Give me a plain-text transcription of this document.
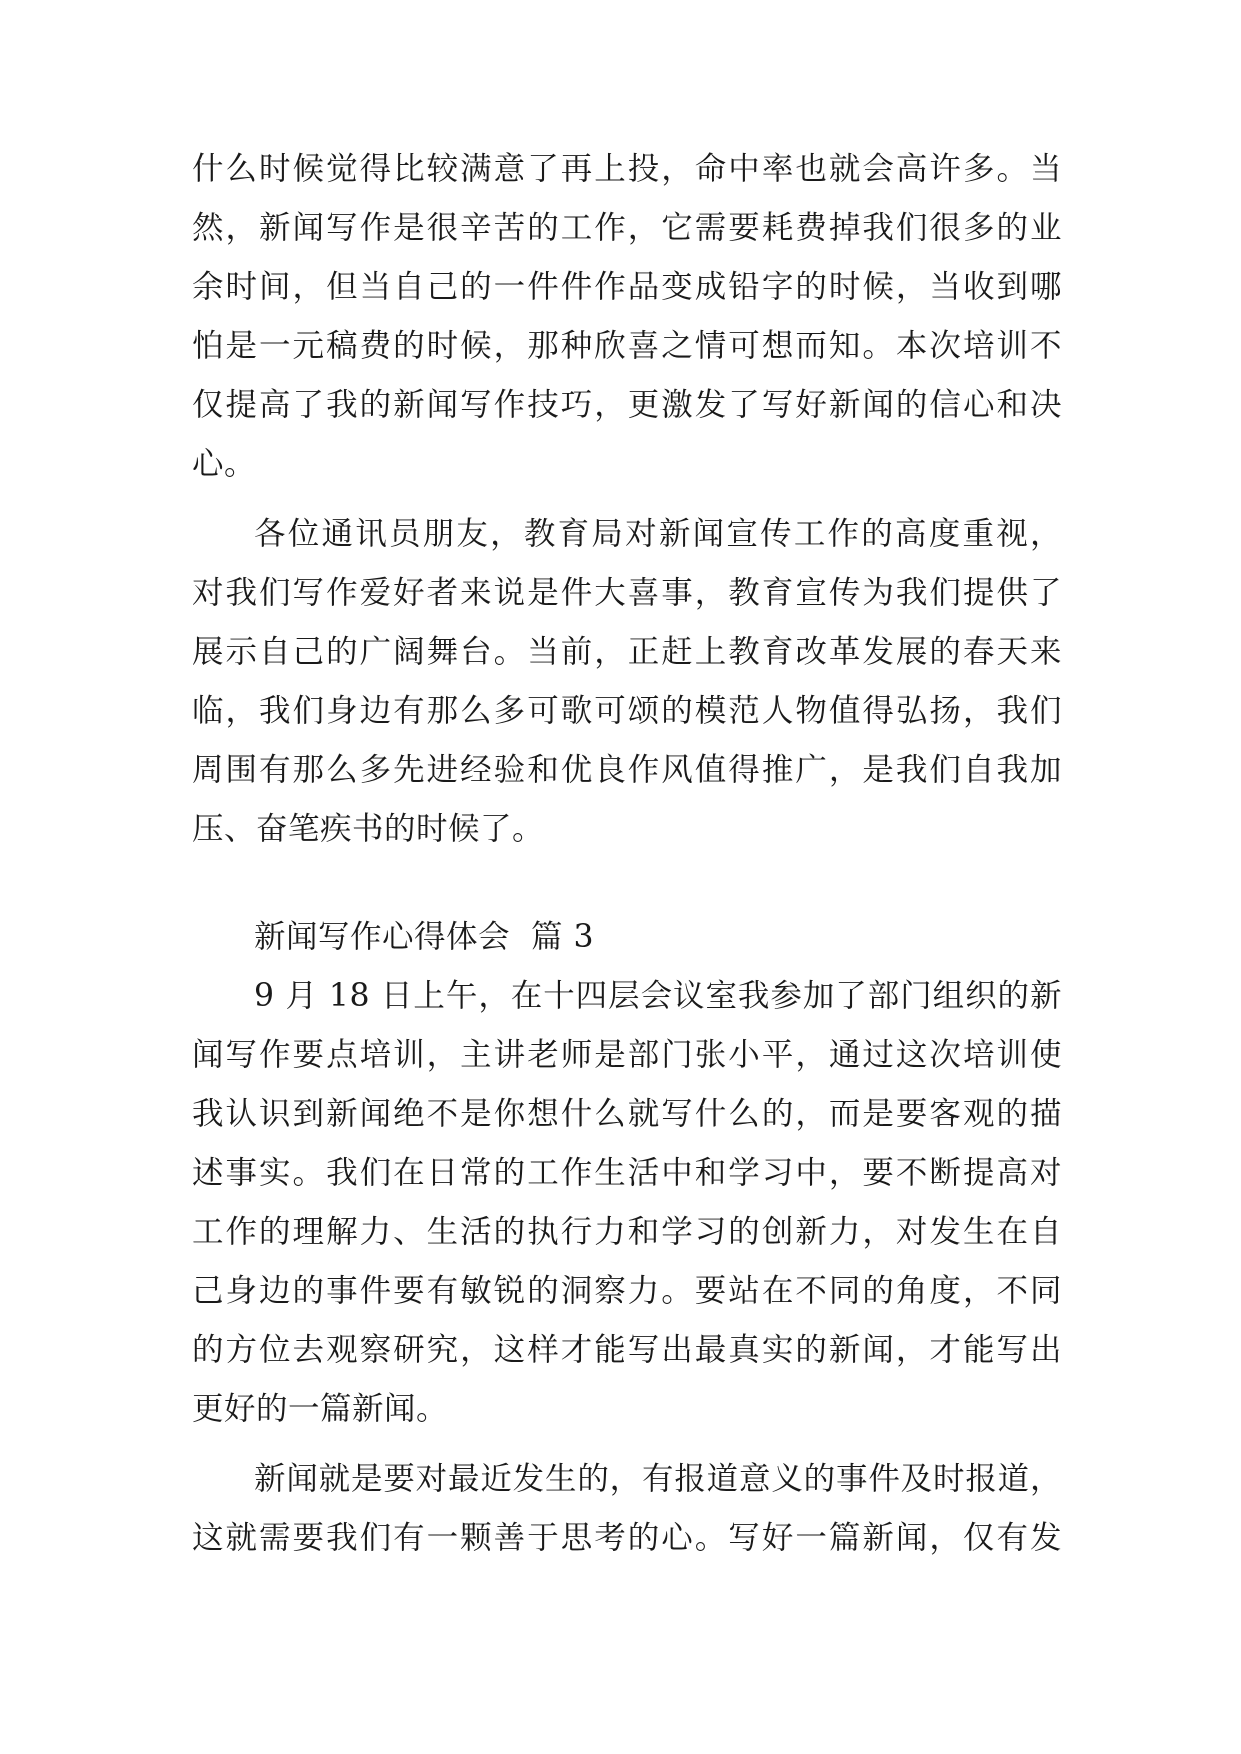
什么时候觉得比较满意了再上投，命中率也就会高许多。当
然，新闻写作是很辛苦的工作，它需要耗费掉我们很多的业
余时间，但当自己的一件件作品变成铅字的时候，当收到哪
怕是一元稿费的时候，那种欣喜之情可想而知。本次培训不
仅提高了我的新闻写作技巧，更激发了写好新闻的信心和决
心。
各位通讯员朋友，教育局对新闻宣传工作的高度重视，
对我们写作爱好者来说是件大喜事，教育宣传为我们提供了
展示自己的广阔舞台。当前，正赶上教育改革发展的春天来
临，我们身边有那么多可歌可颂的模范人物值得弘扬，我们
周围有那么多先进经验和优良作风值得推广，是我们自我加
压、奋笔疾书的时候了。
新闻写作心得体会  篇 3
9 月 18 日上午，在十四层会议室我参加了部门组织的新
闻写作要点培训，主讲老师是部门张小平，通过这次培训使
我认识到新闻绝不是你想什么就写什么的，而是要客观的描
述事实。我们在日常的工作生活中和学习中，要不断提高对
工作的理解力、生活的执行力和学习的创新力，对发生在自
己身边的事件要有敏锐的洞察力。要站在不同的角度，不同
的方位去观察研究，这样才能写出最真实的新闻，才能写出
更好的一篇新闻。
新闻就是要对最近发生的，有报道意义的事件及时报道，
这就需要我们有一颗善于思考的心。写好一篇新闻，仅有发
